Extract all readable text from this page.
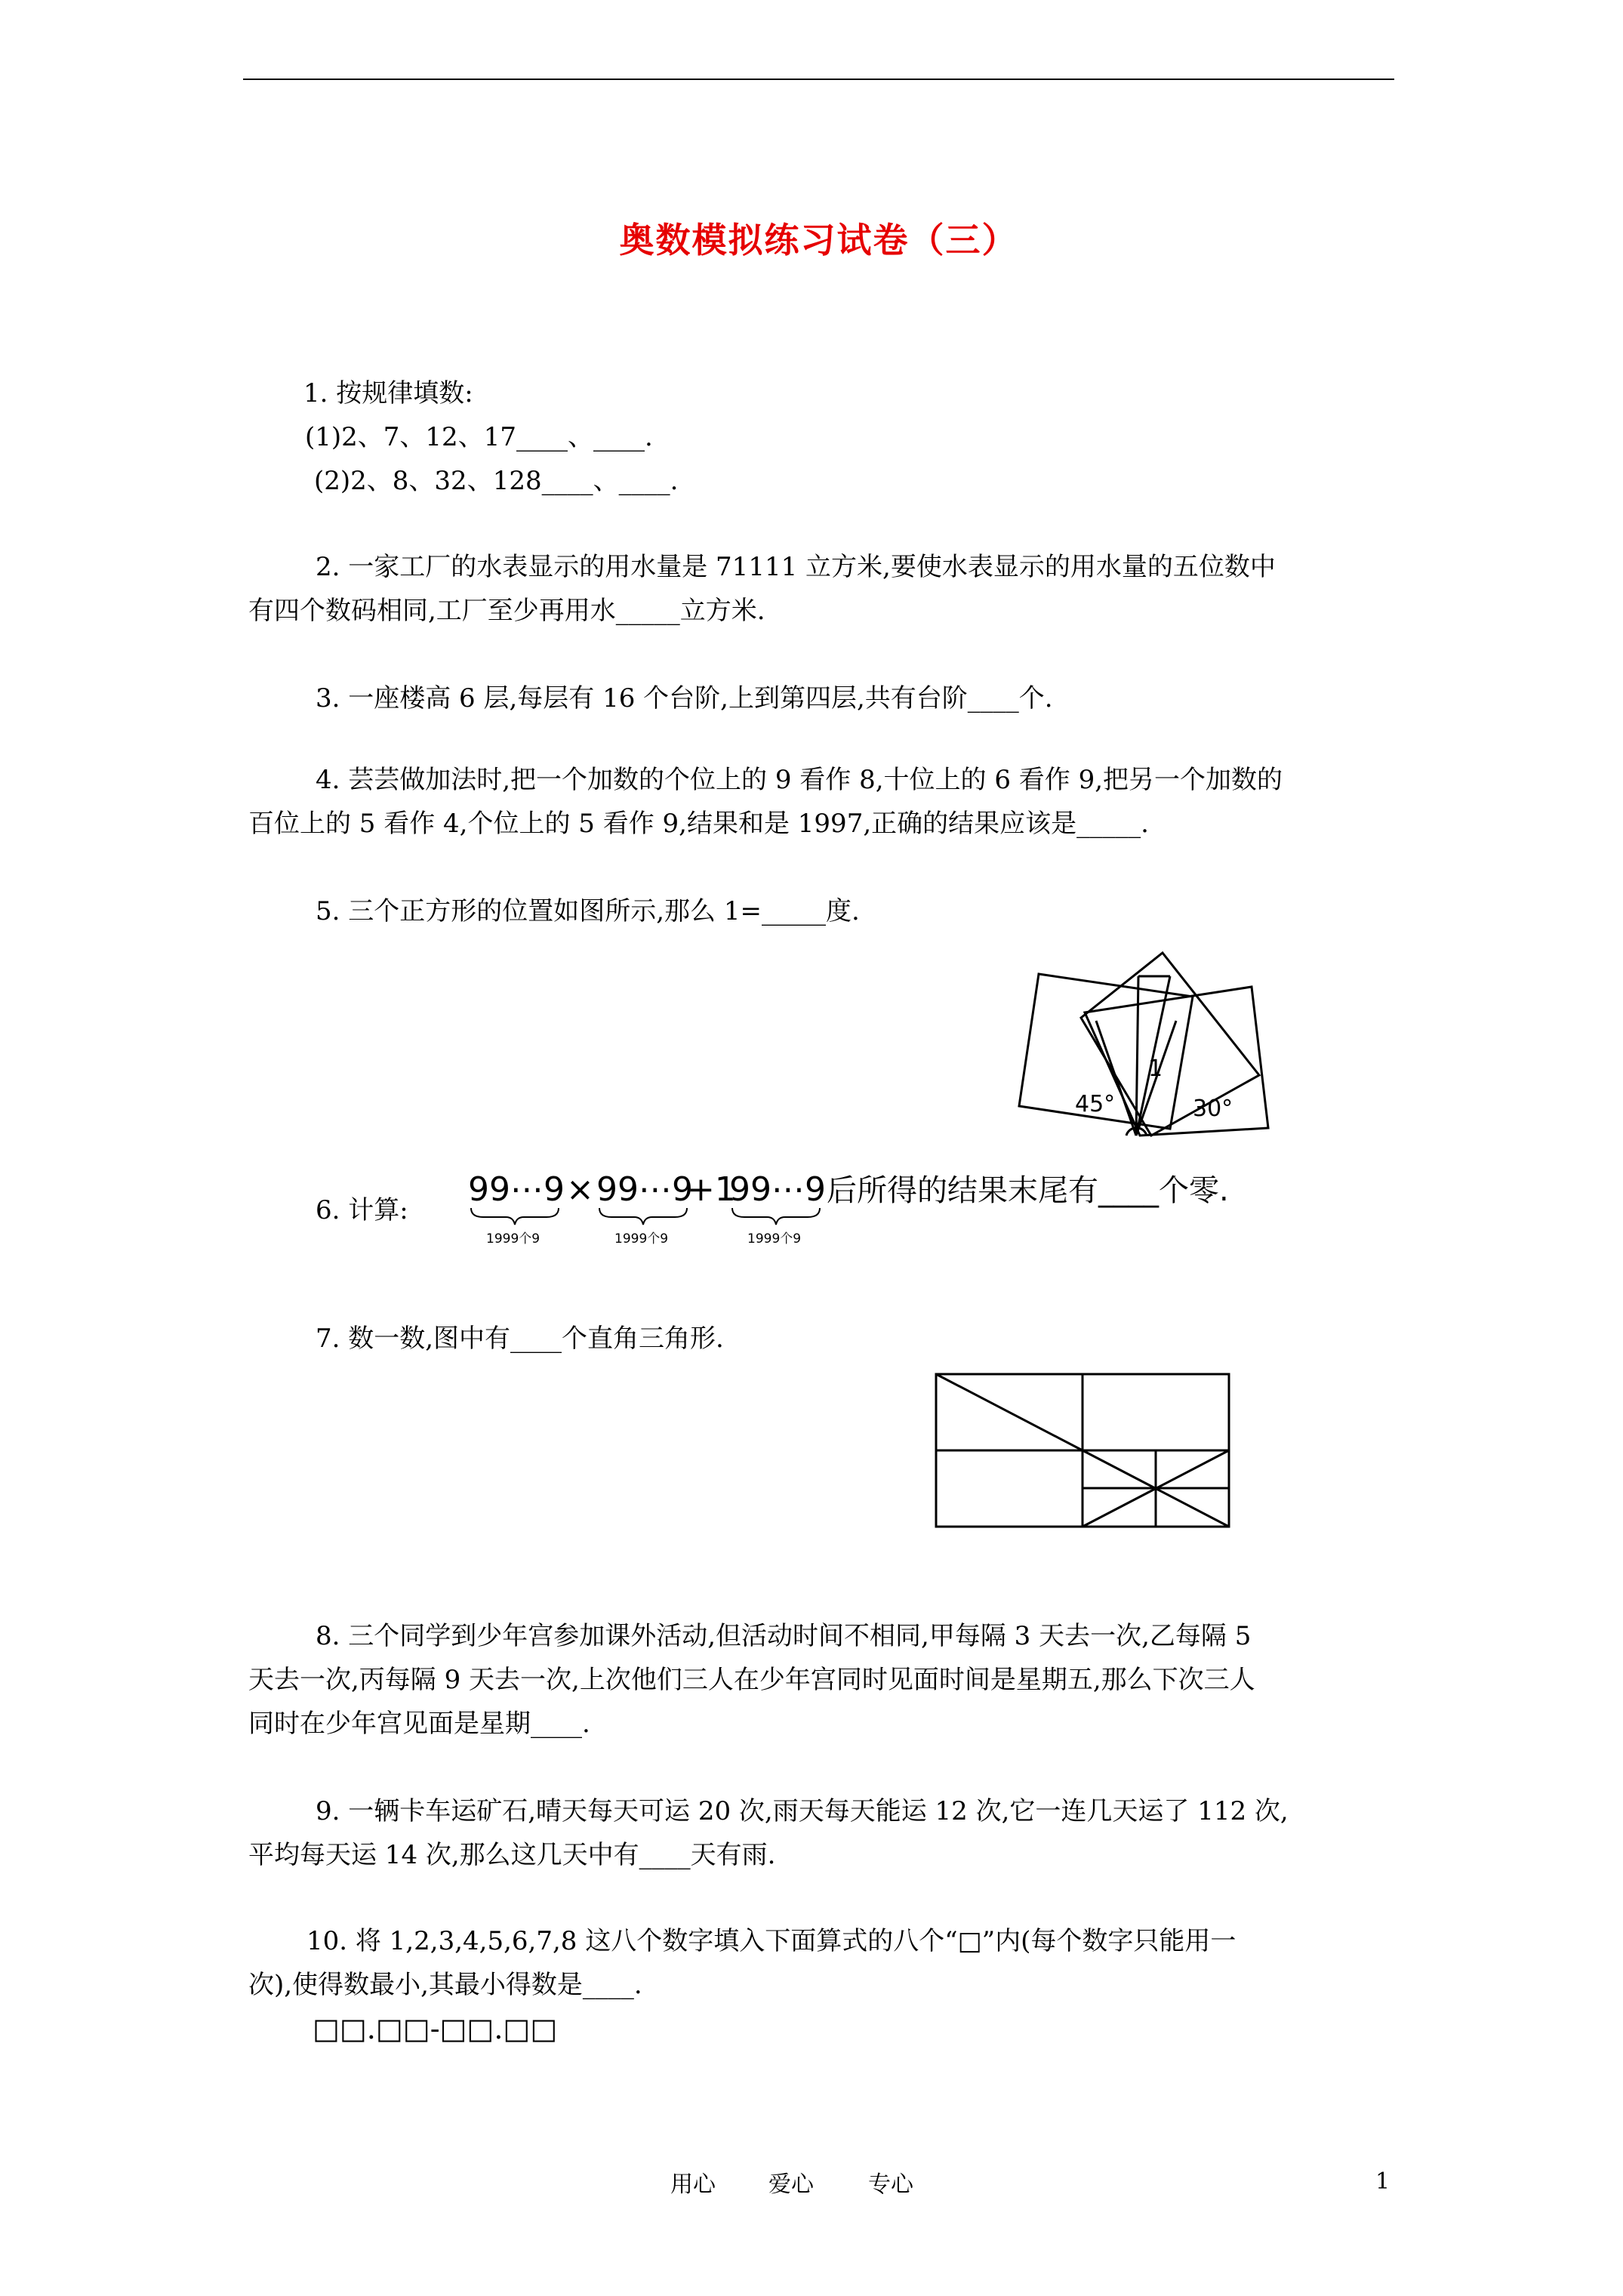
奥数模拟练习试卷（三）
1. 按规律填数:
(1)2、7、12、17____、____.
(2)2、8、32、128____、____.
2. 一家工厂的水表显示的用水量是 71111 立方米,要使水表显示的用水量的五位数中
有四个数码相同,工厂至少再用水_____立方米.
3. 一座楼高 6 层,每层有 16 个台阶,上到第四层,共有台阶____个.
4. 芸芸做加法时,把一个加数的个位上的 9 看作 8,十位上的 6 看作 9,把另一个加数的
百位上的 5 看作 4,个位上的 5 看作 9,结果和是 1997,正确的结果应该是_____.
5. 三个正方形的位置如图所示,那么 1=_____度.
1
45°	30°
6. 计算:
99⋯9 × 99⋯9
+1
99⋯9 后所得的结果末尾有____个零.
1999个9	1999个9	1999个9
7. 数一数,图中有____个直角三角形.
8. 三个同学到少年宫参加课外活动,但活动时间不相同,甲每隔 3 天去一次,乙每隔 5
天去一次,丙每隔 9 天去一次,上次他们三人在少年宫同时见面时间是星期五,那么下次三人
同时在少年宫见面是星期____.
9. 一辆卡车运矿石,晴天每天可运 20 次,雨天每天能运 12 次,它一连几天运了 112 次,
平均每天运 14 次,那么这几天中有____天有雨.
10. 将 1,2,3,4,5,6,7,8 这八个数字填入下面算式的八个“□”内(每个数字只能用一
次),使得数最小,其最小得数是____.
□□.□□-□□.□□
用心 爱心 专心	1
